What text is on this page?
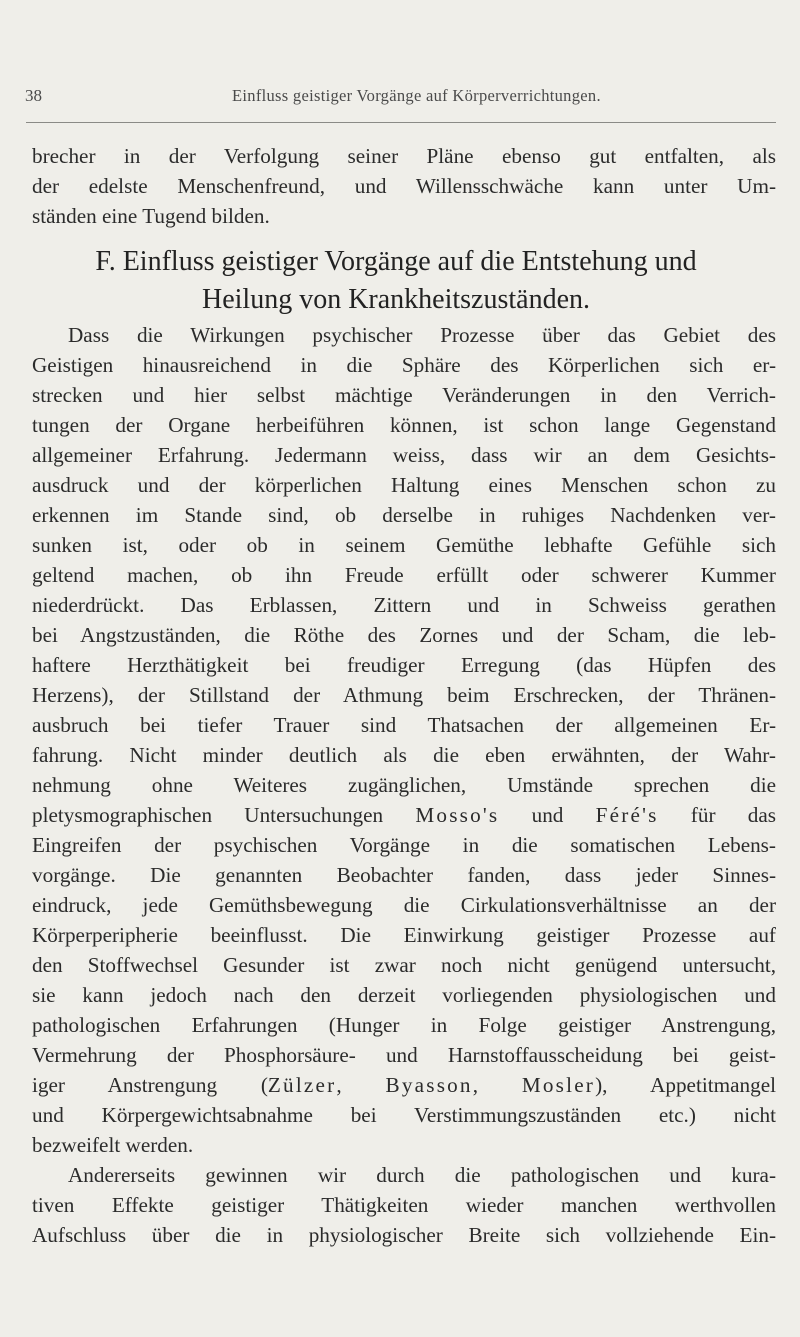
38	Einfluss geistiger Vorgänge auf Körperverrichtungen.
brecher in der Verfolgung seiner Pläne ebenso gut entfalten, als
der edelste Menschenfreund, und Willensschwäche kann unter Um-
ständen eine Tugend bilden.
F. Einfluss geistiger Vorgänge auf die Entstehung und
Heilung von Krankheitszuständen.
Dass die Wirkungen psychischer Prozesse über das Gebiet des
Geistigen hinausreichend in die Sphäre des Körperlichen sich er-
strecken und hier selbst mächtige Veränderungen in den Verrich-
tungen der Organe herbeiführen können, ist schon lange Gegenstand
allgemeiner Erfahrung. Jedermann weiss, dass wir an dem Gesichts-
ausdruck und der körperlichen Haltung eines Menschen schon zu
erkennen im Stande sind, ob derselbe in ruhiges Nachdenken ver-
sunken ist, oder ob in seinem Gemüthe lebhafte Gefühle sich
geltend machen, ob ihn Freude erfüllt oder schwerer Kummer
niederdrückt. Das Erblassen, Zittern und in Schweiss gerathen
bei Angstzuständen, die Röthe des Zornes und der Scham, die leb-
haftere Herzthätigkeit bei freudiger Erregung (das Hüpfen des
Herzens), der Stillstand der Athmung beim Erschrecken, der Thränen-
ausbruch bei tiefer Trauer sind Thatsachen der allgemeinen Er-
fahrung. Nicht minder deutlich als die eben erwähnten, der Wahr-
nehmung ohne Weiteres zugänglichen, Umstände sprechen die
pletysmographischen Untersuchungen Mosso's und Féré's für das
Eingreifen der psychischen Vorgänge in die somatischen Lebens-
vorgänge. Die genannten Beobachter fanden, dass jeder Sinnes-
eindruck, jede Gemüthsbewegung die Cirkulationsverhältnisse an der
Körperperipherie beeinflusst. Die Einwirkung geistiger Prozesse auf
den Stoffwechsel Gesunder ist zwar noch nicht genügend untersucht,
sie kann jedoch nach den derzeit vorliegenden physiologischen und
pathologischen Erfahrungen (Hunger in Folge geistiger Anstrengung,
Vermehrung der Phosphorsäure- und Harnstoffausscheidung bei geist-
iger Anstrengung (Zülzer, Byasson, Mosler), Appetitmangel
und Körpergewichtsabnahme bei Verstimmungszuständen etc.) nicht
bezweifelt werden.
Andererseits gewinnen wir durch die pathologischen und kura-
tiven Effekte geistiger Thätigkeiten wieder manchen werthvollen
Aufschluss über die in physiologischer Breite sich vollziehende Ein-
